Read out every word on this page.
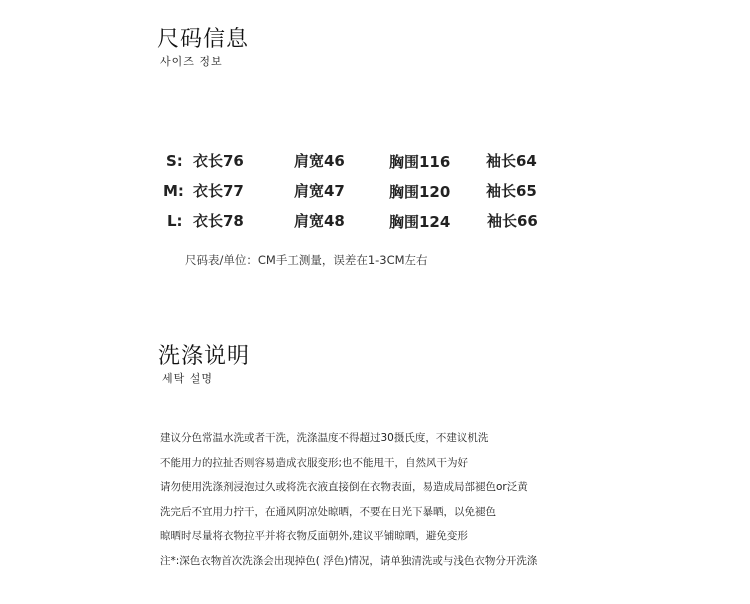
尺码信息
사이즈 정보
S: 衣长76	肩宽46	胸围116 袖长64
M: 衣长77	肩宽47	胸围120 袖长65
L: 衣长78	肩宽48	胸围124 袖长66
尺码表/单位：CM手工测量，误差在1-3CM左右
洗涤说明
세탁 설명
建议分色常温水洗或者干洗，洗涤温度不得超过30摄氏度，不建议机洗
不能用力的拉扯否则容易造成衣服变形;也不能甩干，自然风干为好
请勿使用洗涤剂浸泡过久或将洗衣液直接倒在衣物表面，易造成局部褪色or泛黄
洗完后不宜用力拧干，在通风阴凉处晾晒，不要在日光下暴晒，以免褪色
晾晒时尽量将衣物拉平并将衣物反面朝外,建议平铺晾晒，避免变形
注*:深色衣物首次洗涤会出现掉色( 浮色)情况，请单独清洗或与浅色衣物分开洗涤
